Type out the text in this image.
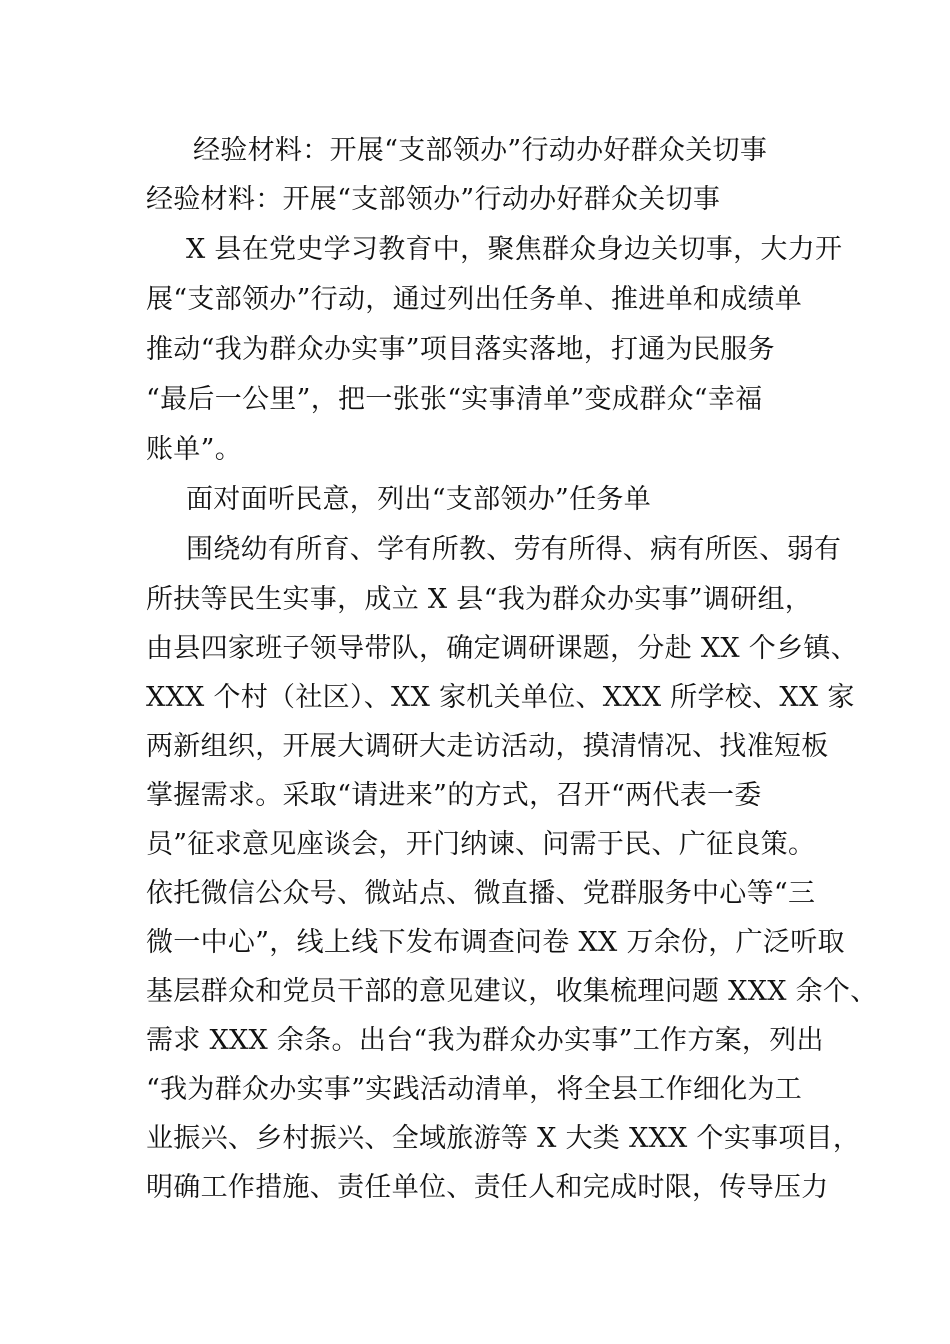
经验材料：开展“支部领办”行动办好群众关切事
经验材料：开展“支部领办”行动办好群众关切事
X 县在党史学习教育中，聚焦群众身边关切事，大力开
展“支部领办”行动，通过列出任务单、推进单和成绩单
推动“我为群众办实事”项目落实落地，打通为民服务
“最后一公里”，把一张张“实事清单”变成群众“幸福
账单”。
面对面听民意，列出“支部领办”任务单
围绕幼有所育、学有所教、劳有所得、病有所医、弱有
所扶等民生实事，成立 X 县“我为群众办实事”调研组，
由县四家班子领导带队，确定调研课题，分赴 XX 个乡镇、
XXX 个村（社区）、XX 家机关单位、XXX 所学校、XX 家
两新组织，开展大调研大走访活动，摸清情况、找准短板
掌握需求。采取“请进来”的方式，召开“两代表一委
员”征求意见座谈会，开门纳谏、问需于民、广征良策。
依托微信公众号、微站点、微直播、党群服务中心等“三
微一中心”，线上线下发布调查问卷 XX 万余份，广泛听取
基层群众和党员干部的意见建议，收集梳理问题 XXX 余个、
需求 XXX 余条。出台“我为群众办实事”工作方案，列出
“我为群众办实事”实践活动清单，将全县工作细化为工
业振兴、乡村振兴、全域旅游等 X 大类 XXX 个实事项目，
明确工作措施、责任单位、责任人和完成时限，传导压力
